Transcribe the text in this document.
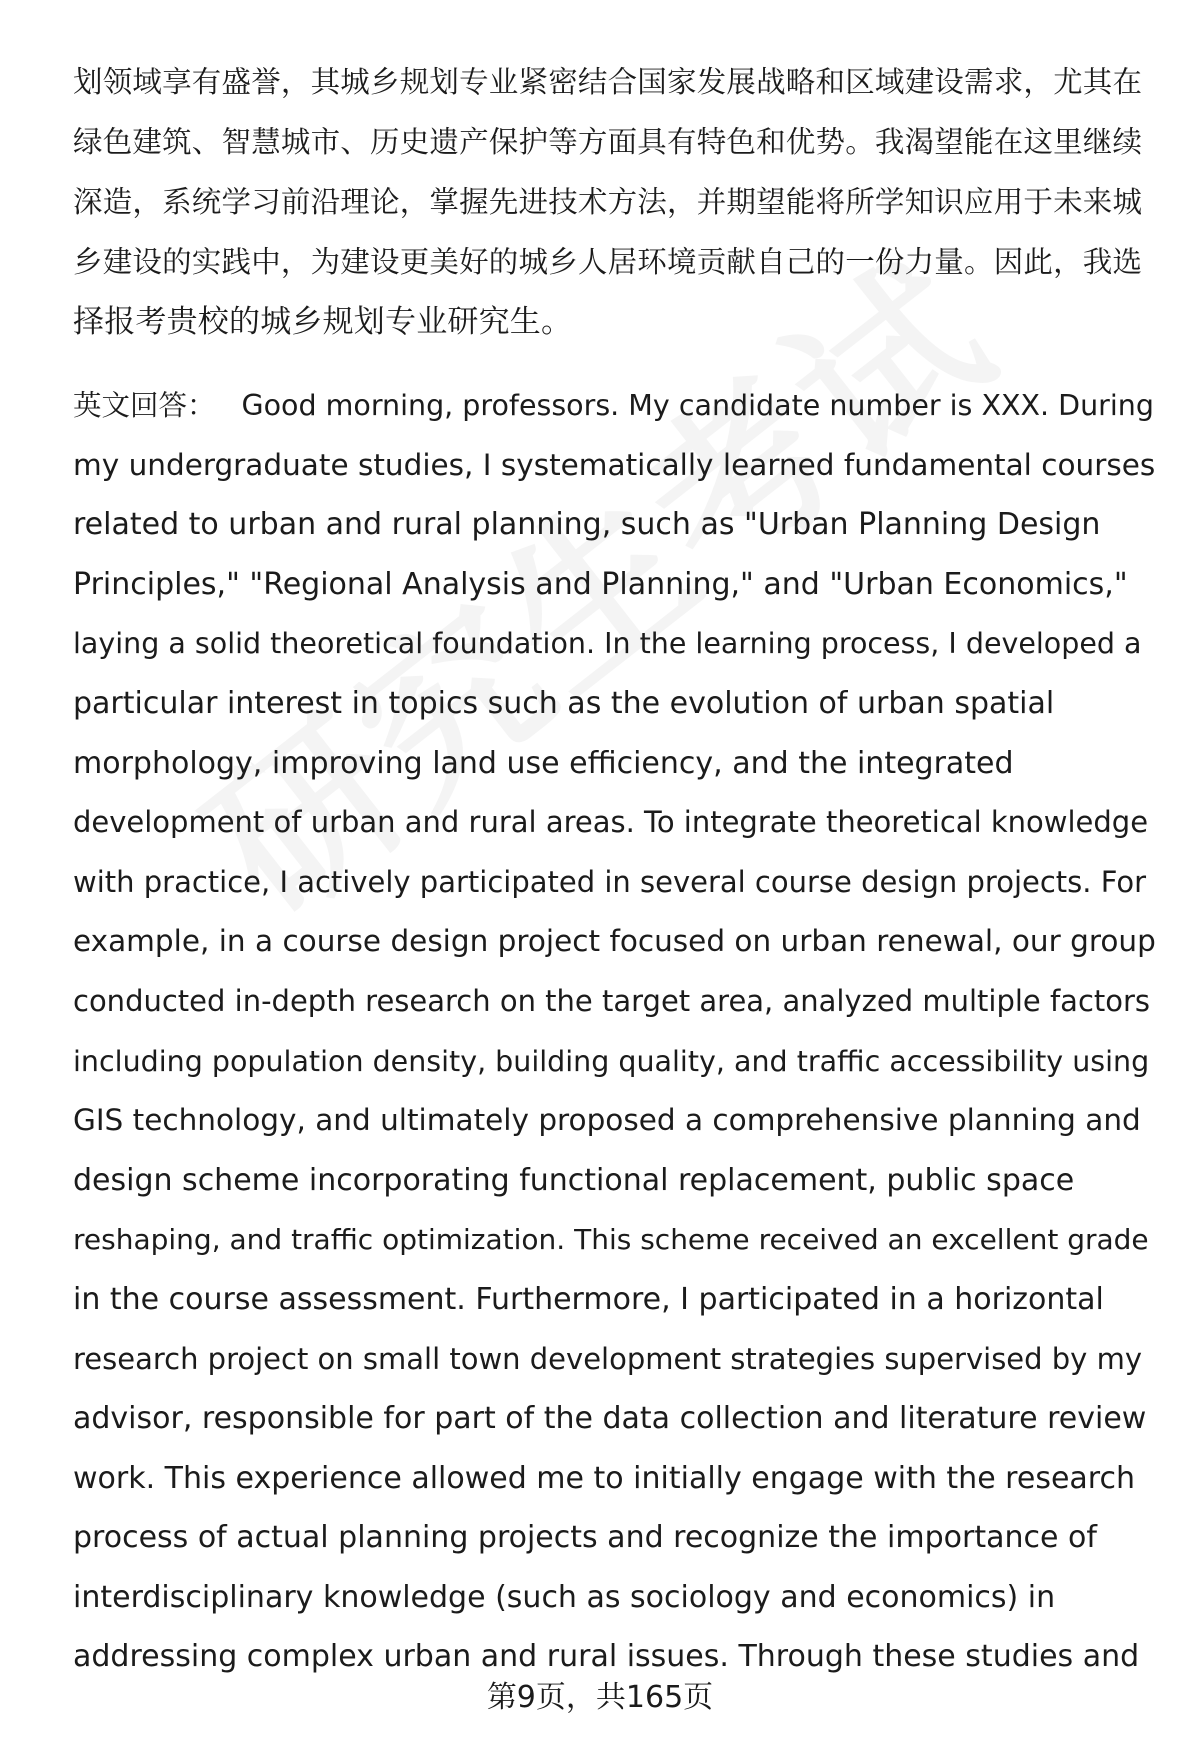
划领域享有盛誉，其城乡规划专业紧密结合国家发展战略和区域建设需求，尤其在
绿色建筑、智慧城市、历史遗产保护等方面具有特色和优势。我渴望能在这里继续
深造，系统学习前沿理论，掌握先进技术方法，并期望能将所学知识应用于未来城
乡建设的实践中，为建设更美好的城乡人居环境贡献自己的一份力量。因此，我选
择报考贵校的城乡规划专业研究生。
英文回答： Good morning, professors. My candidate number is XXX. During
my undergraduate studies, I systematically learned fundamental courses
related to urban and rural planning, such as "Urban Planning Design
Principles," "Regional Analysis and Planning," and "Urban Economics,"
laying a solid theoretical foundation. In the learning process, I developed a
particular interest in topics such as the evolution of urban spatial
morphology, improving land use efficiency, and the integrated
development of urban and rural areas. To integrate theoretical knowledge
with practice, I actively participated in several course design projects. For
example, in a course design project focused on urban renewal, our group
conducted in-depth research on the target area, analyzed multiple factors
including population density, building quality, and traffic accessibility using
GIS technology, and ultimately proposed a comprehensive planning and
design scheme incorporating functional replacement, public space
reshaping, and traffic optimization. This scheme received an excellent grade
in the course assessment. Furthermore, I participated in a horizontal
research project on small town development strategies supervised by my
advisor, responsible for part of the data collection and literature review
work. This experience allowed me to initially engage with the research
process of actual planning projects and recognize the importance of
interdisciplinary knowledge (such as sociology and economics) in
addressing complex urban and rural issues. Through these studies and
第9页，共165页
